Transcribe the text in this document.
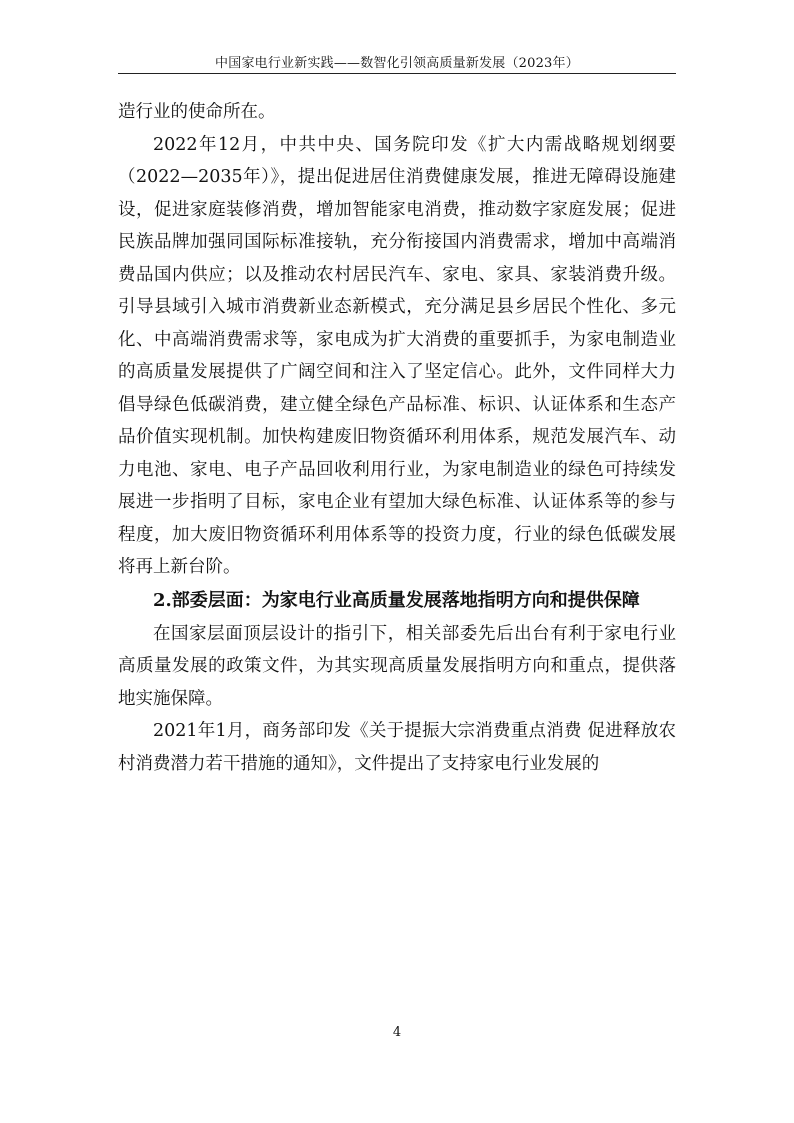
中国家电行业新实践——数智化引领高质量新发展（2023年）

造行业的使命所在。

2022年12月，中共中央、国务院印发《扩大内需战略规划纲要（2022—2035年）》，提出促进居住消费健康发展，推进无障碍设施建设，促进家庭装修消费，增加智能家电消费，推动数字家庭发展；促进民族品牌加强同国际标准接轨，充分衔接国内消费需求，增加中高端消费品国内供应；以及推动农村居民汽车、家电、家具、家装消费升级。引导县域引入城市消费新业态新模式，充分满足县乡居民个性化、多元化、中高端消费需求等，家电成为扩大消费的重要抓手，为家电制造业的高质量发展提供了广阔空间和注入了坚定信心。此外，文件同样大力倡导绿色低碳消费，建立健全绿色产品标准、标识、认证体系和生态产品价值实现机制。加快构建废旧物资循环利用体系，规范发展汽车、动力电池、家电、电子产品回收利用行业，为家电制造业的绿色可持续发展进一步指明了目标，家电企业有望加大绿色标准、认证体系等的参与程度，加大废旧物资循环利用体系等的投资力度，行业的绿色低碳发展将再上新台阶。

2.部委层面：为家电行业高质量发展落地指明方向和提供保障

在国家层面顶层设计的指引下，相关部委先后出台有利于家电行业高质量发展的政策文件，为其实现高质量发展指明方向和重点，提供落地实施保障。

2021年1月，商务部印发《关于提振大宗消费重点消费 促进释放农村消费潜力若干措施的通知》，文件提出了支持家电行业发展的

4
